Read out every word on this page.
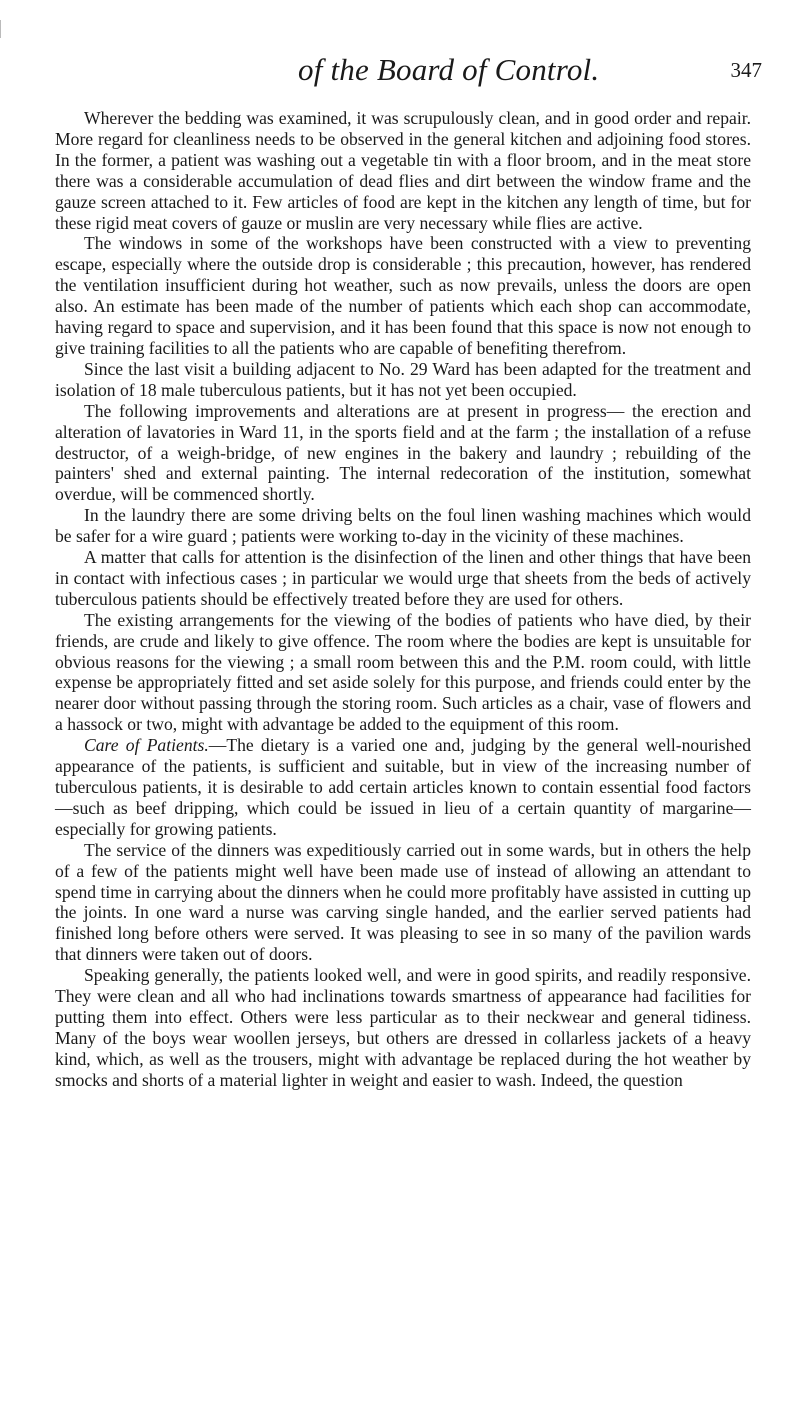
of the Board of Control.	347

Wherever the bedding was examined, it was scrupulously clean, and in good order and repair. More regard for cleanliness needs to be observed in the general kitchen and adjoining food stores. In the former, a patient was washing out a vegetable tin with a floor broom, and in the meat store there was a considerable accumulation of dead flies and dirt between the window frame and the gauze screen attached to it. Few articles of food are kept in the kitchen any length of time, but for these rigid meat covers of gauze or muslin are very necessary while flies are active.

The windows in some of the workshops have been constructed with a view to preventing escape, especially where the outside drop is considerable ; this precaution, however, has rendered the ventilation insufficient during hot weather, such as now prevails, unless the doors are open also. An estimate has been made of the number of patients which each shop can accommodate, having regard to space and supervision, and it has been found that this space is now not enough to give training facilities to all the patients who are capable of benefiting therefrom.

Since the last visit a building adjacent to No. 29 Ward has been adapted for the treatment and isolation of 18 male tuberculous patients, but it has not yet been occupied.

The following improvements and alterations are at present in progress— the erection and alteration of lavatories in Ward 11, in the sports field and at the farm ; the installation of a refuse destructor, of a weigh-bridge, of new engines in the bakery and laundry ; rebuilding of the painters' shed and external painting. The internal redecoration of the institution, somewhat overdue, will be commenced shortly.

In the laundry there are some driving belts on the foul linen washing machines which would be safer for a wire guard ; patients were working to-day in the vicinity of these machines.

A matter that calls for attention is the disinfection of the linen and other things that have been in contact with infectious cases ; in particular we would urge that sheets from the beds of actively tuberculous patients should be effectively treated before they are used for others.

The existing arrangements for the viewing of the bodies of patients who have died, by their friends, are crude and likely to give offence. The room where the bodies are kept is unsuitable for obvious reasons for the viewing ; a small room between this and the P.M. room could, with little expense be appropriately fitted and set aside solely for this purpose, and friends could enter by the nearer door without passing through the storing room. Such articles as a chair, vase of flowers and a hassock or two, might with advantage be added to the equipment of this room.

Care of Patients.—The dietary is a varied one and, judging by the general well-nourished appearance of the patients, is sufficient and suitable, but in view of the increasing number of tuberculous patients, it is desirable to add certain articles known to contain essential food factors—such as beef dripping, which could be issued in lieu of a certain quantity of margarine—especially for growing patients.

The service of the dinners was expeditiously carried out in some wards, but in others the help of a few of the patients might well have been made use of instead of allowing an attendant to spend time in carrying about the dinners when he could more profitably have assisted in cutting up the joints. In one ward a nurse was carving single handed, and the earlier served patients had finished long before others were served. It was pleasing to see in so many of the pavilion wards that dinners were taken out of doors.

Speaking generally, the patients looked well, and were in good spirits, and readily responsive. They were clean and all who had inclinations towards smartness of appearance had facilities for putting them into effect. Others were less particular as to their neckwear and general tidiness. Many of the boys wear woollen jerseys, but others are dressed in collarless jackets of a heavy kind, which, as well as the trousers, might with advantage be replaced during the hot weather by smocks and shorts of a material lighter in weight and easier to wash. Indeed, the question
